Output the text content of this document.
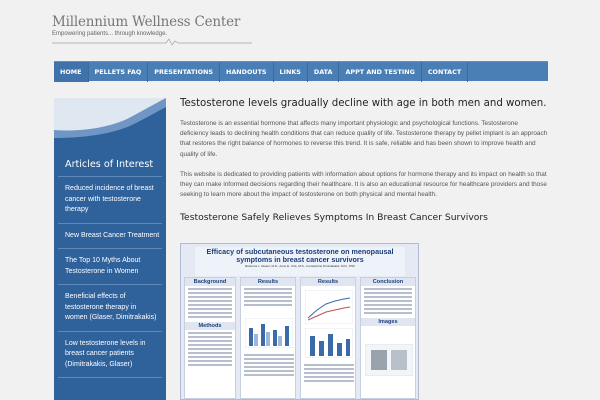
Millennium Wellness Center
Empowering patients... through knowledge.
HOME	PELLETS FAQ	PRESENTATIONS	HANDOUTS	LINKS	DATA	APPT AND TESTING	CONTACT
Articles of Interest
Reduced incidence of breast cancer with testosterone therapy
New Breast Cancer Treatment
The Top 10 Myths About Testosterone in Women
Beneficial effects of testosterone therapy in women (Glaser, Dimitrakakis)
Low testosterone levels in breast cancer patients (Dimitrakakis, Glaser)
Testosterone levels gradually decline with age in both men and women.

Testosterone is an essential hormone that affects many important physiologic and psychological functions. Testosterone deficiency leads to declining health conditions that can reduce quality of life. Testosterone therapy by pellet implant is an approach that restores the right balance of hormones to reverse this trend. It is safe, reliable and has been shown to improve health and quality of life.

This website is dedicated to providing patients with information about options for hormone therapy and its impact on health so that they can make informed decisions regarding their healthcare. It is also an educational resource for healthcare providers and those seeking to learn more about the impact of testosterone on both physical and mental health.

Testosterone Safely Relieves Symptoms In Breast Cancer Survivors
Efficacy of subcutaneous testosterone on menopausal symptoms in breast cancer survivors
Rebecca L. Glaser, M.D., Anne E. York, M.S., Constantine Dimitrakakis, M.D., PhD
Background
Methods
Results	Results	Conclusion
Images
